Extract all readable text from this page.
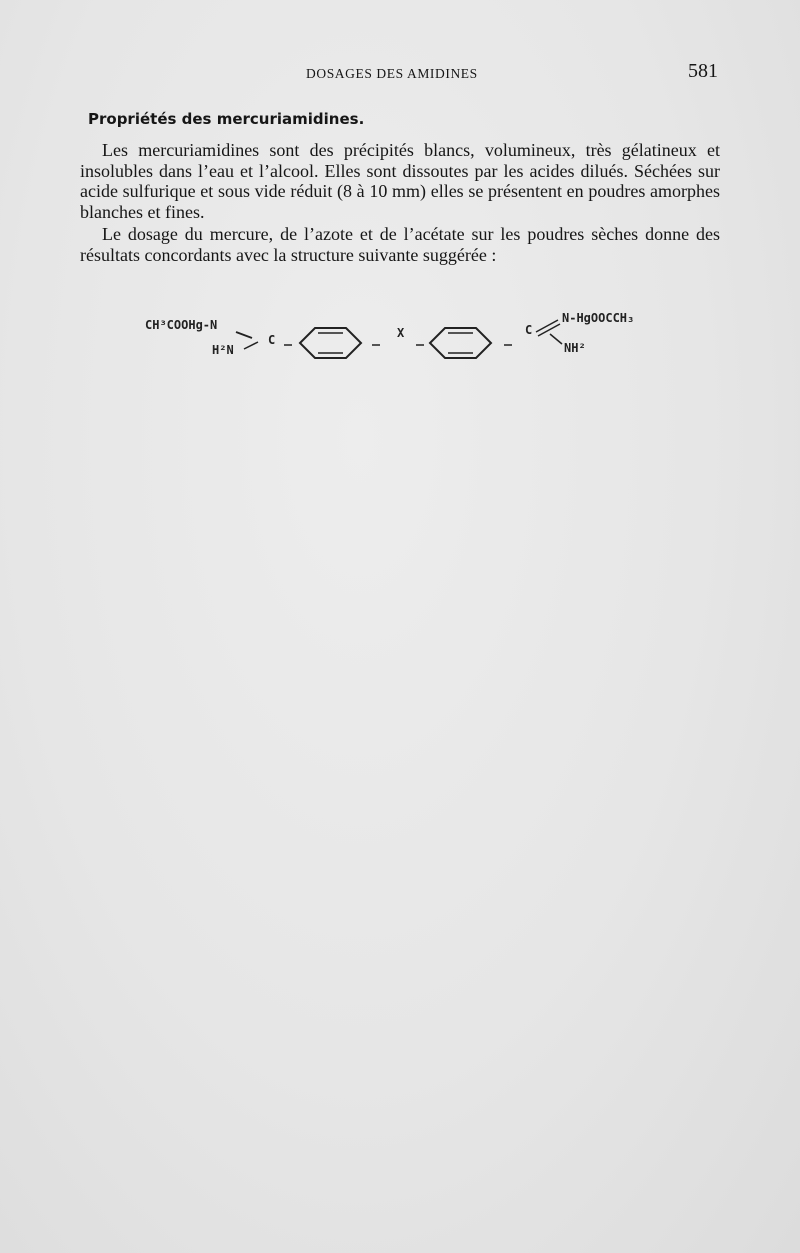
DOSAGES DES AMIDINES	581
Propriétés des mercuriamidines.

Les mercuriamidines sont des précipités blancs, volumineux, très gélatineux et insolubles dans l’eau et l’alcool. Elles sont dissoutes par les acides dilués. Séchées sur acide sulfurique et sous vide réduit (8 à 10 mm) elles se présentent en poudres amorphes blanches et fines.

Le dosage du mercure, de l’azote et de l’acétate sur les poudres sèches donne des résultats concordants avec la structure suivante suggérée :

CH³COOHg-N
H²N
C	X	C
N-HgOOCCH₃
NH²
